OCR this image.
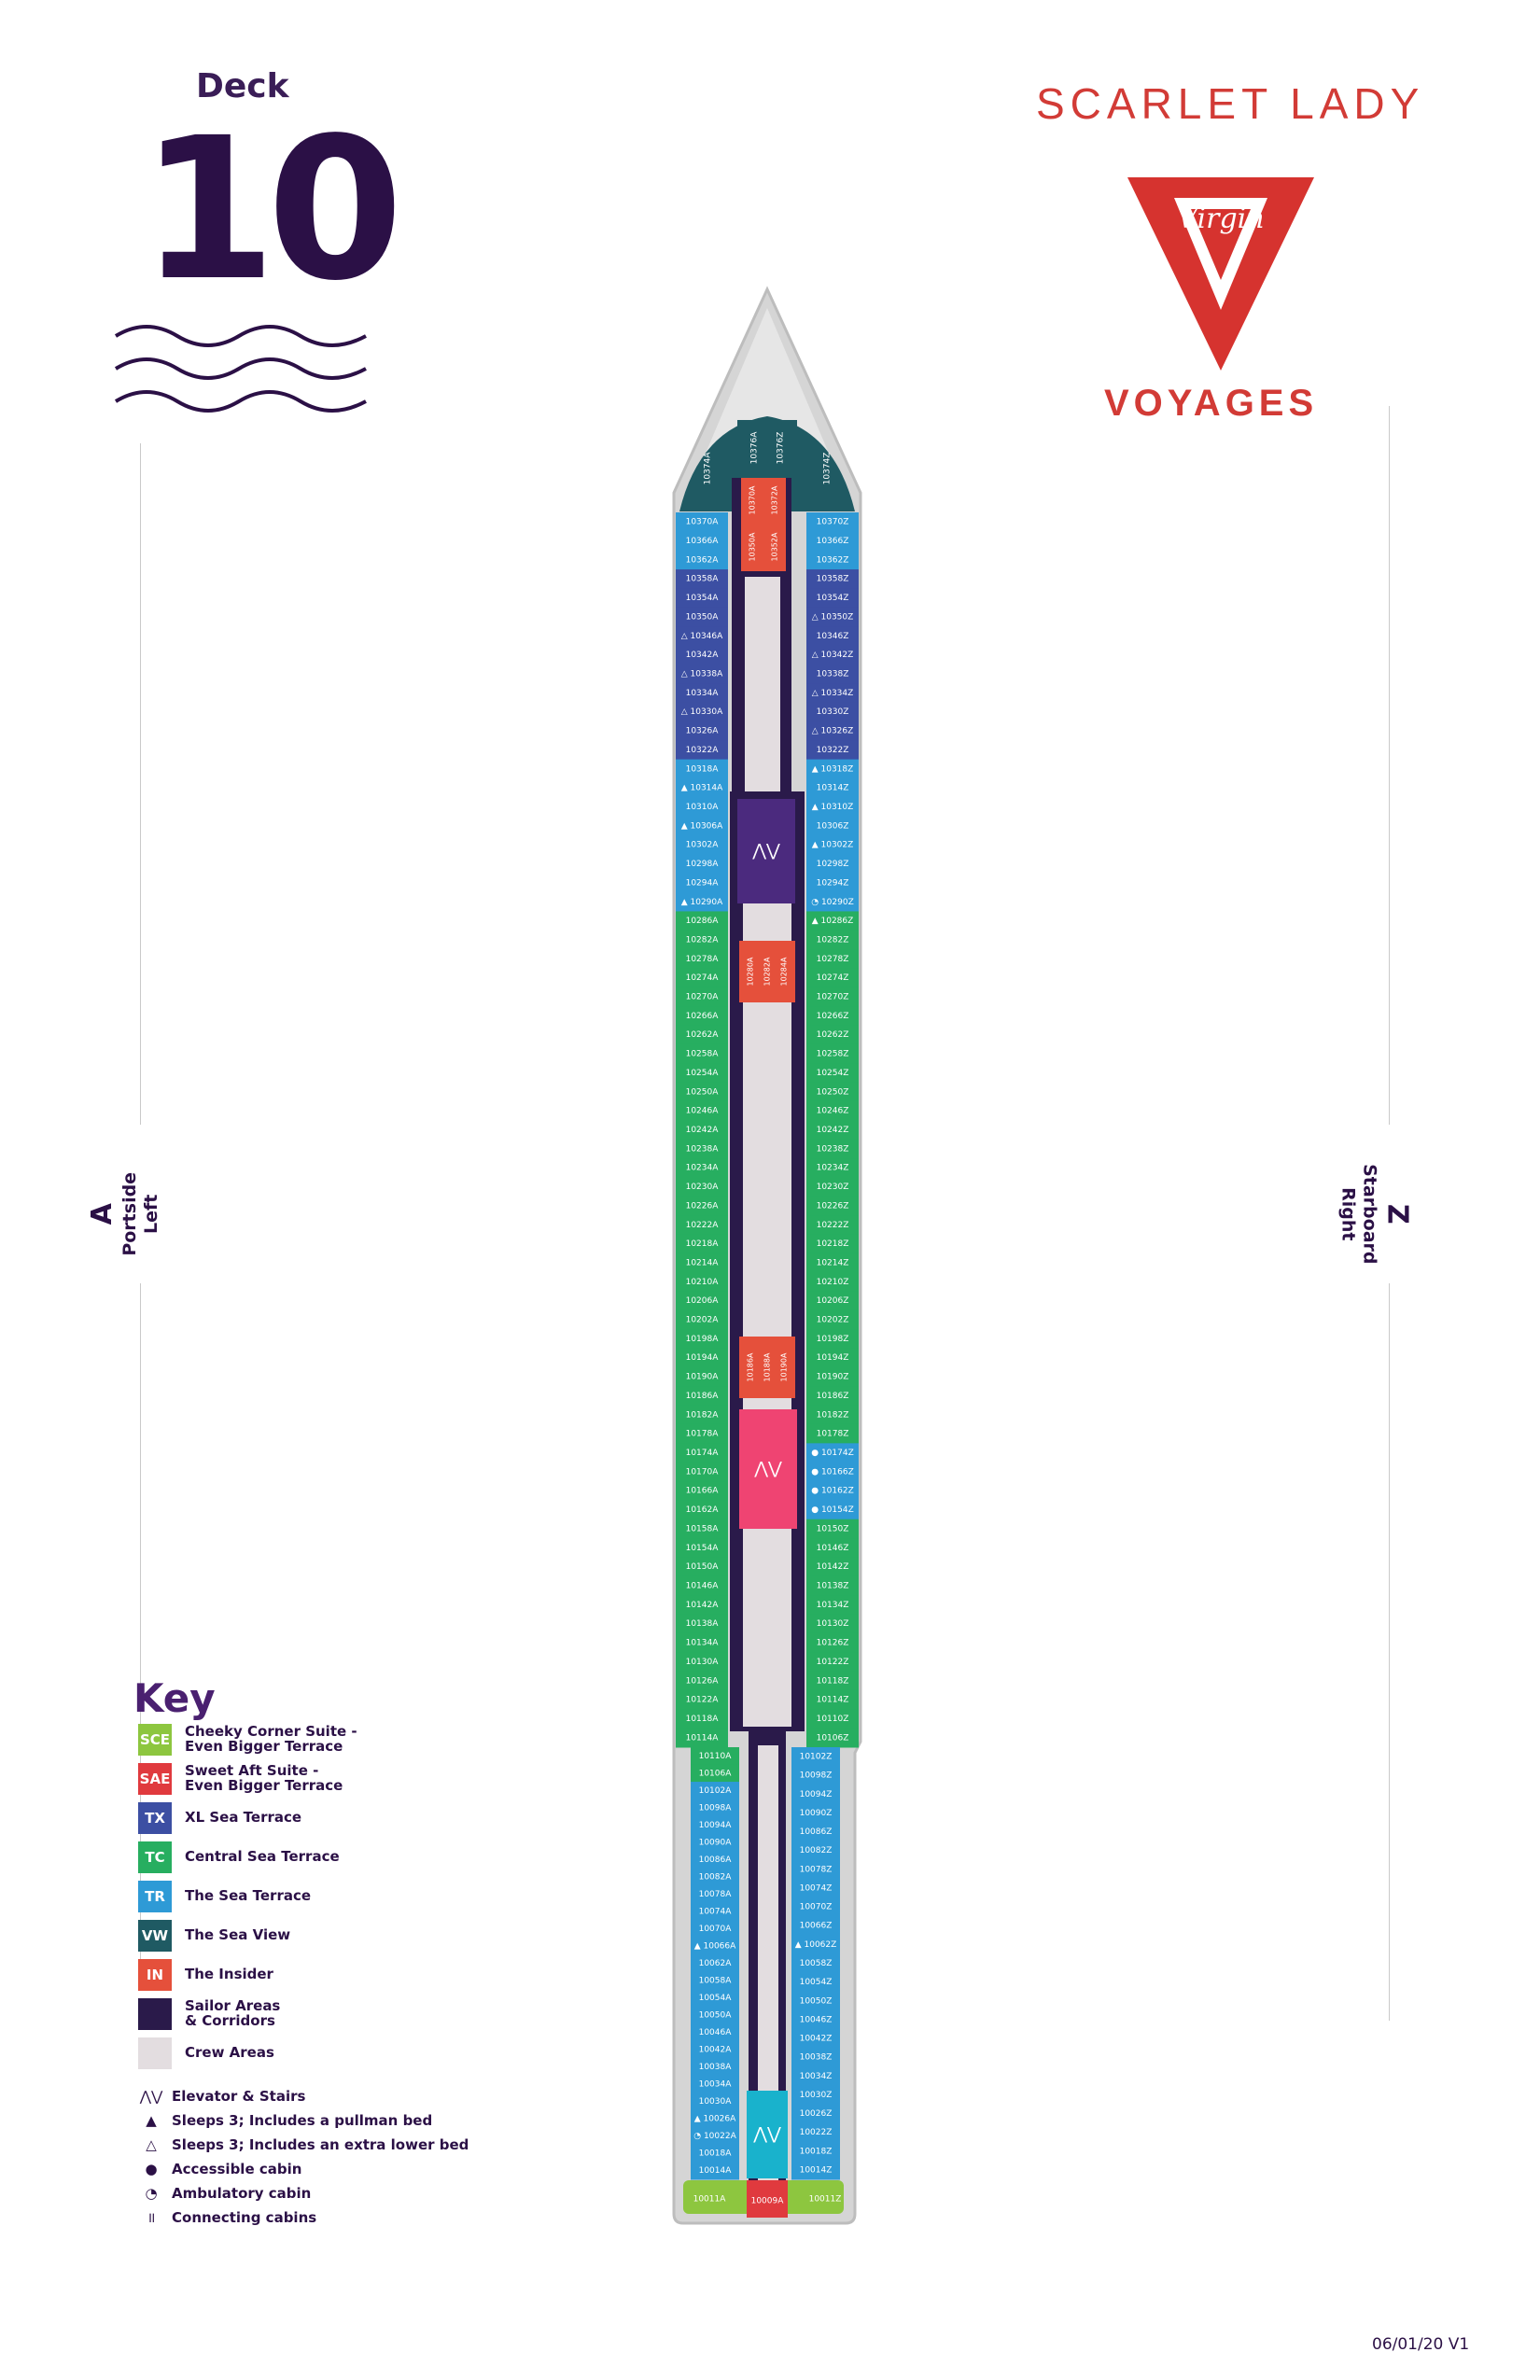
Deck
10	SCARLET LADY
Virgin
VOYAGES
A Portside Left	Z
Starboard
Right
10374A	10374Z
10376A 10376Z
10370A 10372A
10350A 10352A
10280A 10282A 10284A
10186A 10188A 10190A
⋀⋁
⋀⋁
⋀⋁
10011A	10009A	10011Z
10370A
10366A
10362A
10358A
10354A
10350A
△ 10346A
10342A
△ 10338A
10334A
△ 10330A
10326A
10322A
10318A
▲ 10314A
10310A
▲ 10306A
10302A
10298A
10294A
▲ 10290A
10286A
10282A
10278A
10274A
10270A
10266A
10262A
10258A
10254A
10250A
10246A
10242A
10238A
10234A
10230A
10226A
10222A
10218A
10214A
10210A
10206A
10202A
10198A
10194A
10190A
10186A
10182A
10178A
10174A
10170A
10166A
10162A
10158A
10154A
10150A
10146A
10142A
10138A
10134A
10130A
10126A
10122A
10118A
10114A
10110A
10106A
10102A
10098A
10094A
10090A
10086A
10082A
10078A
10074A
10070A
▲ 10066A
10062A
10058A
10054A
10050A
10046A
10042A
10038A
10034A
10030A
▲ 10026A
◔ 10022A
10018A
10014A
10370Z
10366Z
10362Z
10358Z
10354Z
△ 10350Z
10346Z
△ 10342Z
10338Z
△ 10334Z
10330Z
△ 10326Z
10322Z
▲ 10318Z
10314Z
▲ 10310Z
10306Z
▲ 10302Z
10298Z
10294Z
◔ 10290Z
▲ 10286Z
10282Z
10278Z
10274Z
10270Z
10266Z
10262Z
10258Z
10254Z
10250Z
10246Z
10242Z
10238Z
10234Z
10230Z
10226Z
10222Z
10218Z
10214Z
10210Z
10206Z
10202Z
10198Z
10194Z
10190Z
10186Z
10182Z
10178Z
● 10174Z
● 10166Z
● 10162Z
● 10154Z
10150Z
10146Z
10142Z
10138Z
10134Z
10130Z
10126Z
10122Z
10118Z
10114Z
10110Z
10106Z
10102Z
10098Z
10094Z
10090Z
10086Z
10082Z
10078Z
10074Z
10070Z
10066Z
▲ 10062Z
10058Z
10054Z
10050Z
10046Z
10042Z
10038Z
10034Z
10030Z
10026Z
10022Z
10018Z
10014Z
Key
SCE Cheeky Corner Suite -
Even Bigger Terrace
SAE Sweet Aft Suite -
Even Bigger Terrace
TX	XL Sea Terrace
TC	Central Sea Terrace
TR	The Sea Terrace
VW The Sea View
IN	The Insider
Sailor Areas
& Corridors
Crew Areas
⋀⋁ Elevator & Stairs
▲	Sleeps 3; Includes a pullman bed
△	Sleeps 3; Includes an extra lower bed
●	Accessible cabin
◔	Ambulatory cabin
॥	Connecting cabins
06/01/20 V1
